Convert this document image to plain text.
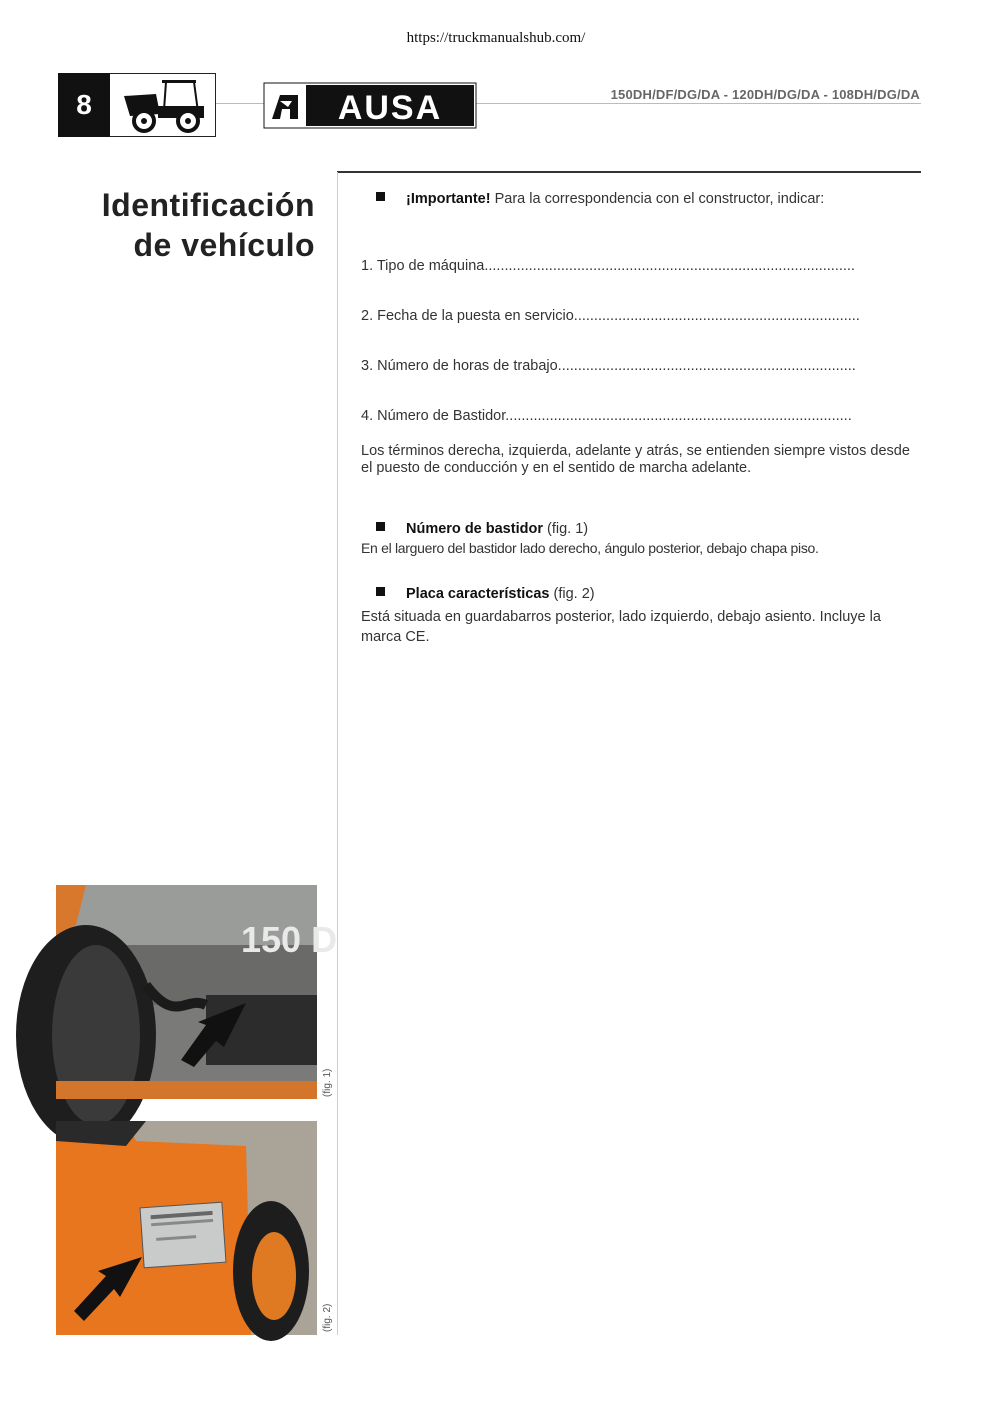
https://truckmanualshub.com/
8	AUSA	150DH/DF/DG/DA - 120DH/DG/DA - 108DH/DG/DA
Identificación
de vehículo
¡Importante! Para la correspondencia con el constructor, indicar:
1. Tipo de máquina............................................................................................
2. Fecha de la puesta en servicio.......................................................................
3. Número de horas de trabajo..........................................................................
4. Número de Bastidor......................................................................................
Los términos derecha, izquierda, adelante y atrás, se entienden siempre vistos desde el puesto de conducción y en el sentido de marcha adelante.
Número de bastidor (fig. 1)
En el larguero del bastidor lado derecho, ángulo posterior, debajo chapa piso.
Placa características (fig. 2)
Está situada en guardabarros posterior, lado izquierdo, debajo asiento. Incluye la marca CE.
150 D
(fig. 1)
(fig. 2)
